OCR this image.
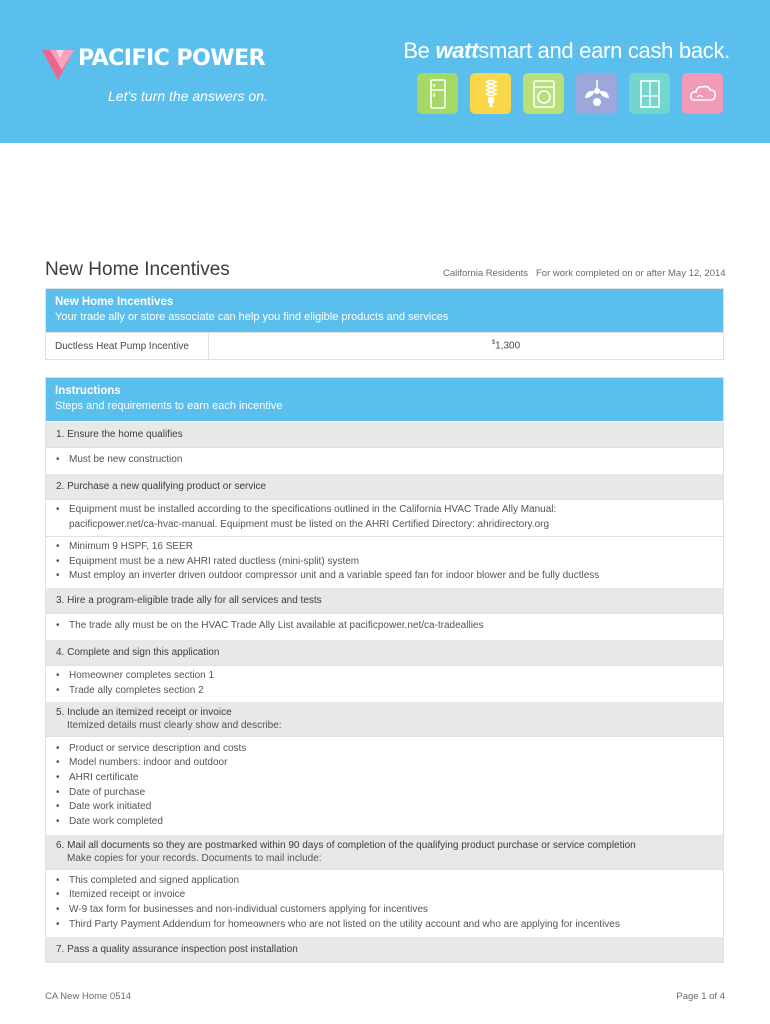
PACIFIC POWER
Let's turn the answers on.
Be wattsmart and earn cash back.
New Home Incentives	California Residents For work completed on or after May 12, 2014
New Home Incentives
Your trade ally or store associate can help you find eligible products and services
Ductless Heat Pump Incentive	$1,300
Instructions
Steps and requirements to earn each incentive
1. Ensure the home qualifies
• Must be new construction
2. Purchase a new qualifying product or service
• Equipment must be installed according to the specifications outlined in the California HVAC Trade Ally Manual:
pacificpower.net/ca-hvac-manual. Equipment must be listed on the AHRI Certified Directory: ahridirectory.org
• Minimum 9 HSPF, 16 SEER
• Equipment must be a new AHRI rated ductless (mini-split) system
• Must employ an inverter driven outdoor compressor unit and a variable speed fan for indoor blower and be fully ductless
3. Hire a program-eligible trade ally for all services and tests
• The trade ally must be on the HVAC Trade Ally List available at pacificpower.net/ca-tradeallies
4. Complete and sign this application
• Homeowner completes section 1
• Trade ally completes section 2
5. Include an itemized receipt or invoice
Itemized details must clearly show and describe:
• Product or service description and costs
• Model numbers: indoor and outdoor
• AHRI certificate
• Date of purchase
• Date work initiated
• Date work completed
6. Mail all documents so they are postmarked within 90 days of completion of the qualifying product purchase or service completion
Make copies for your records. Documents to mail include:
• This completed and signed application
• Itemized receipt or invoice
• W-9 tax form for businesses and non-individual customers applying for incentives
• Third Party Payment Addendum for homeowners who are not listed on the utility account and who are applying for incentives
7. Pass a quality assurance inspection post installation
CA New Home 0514	Page 1 of 4
